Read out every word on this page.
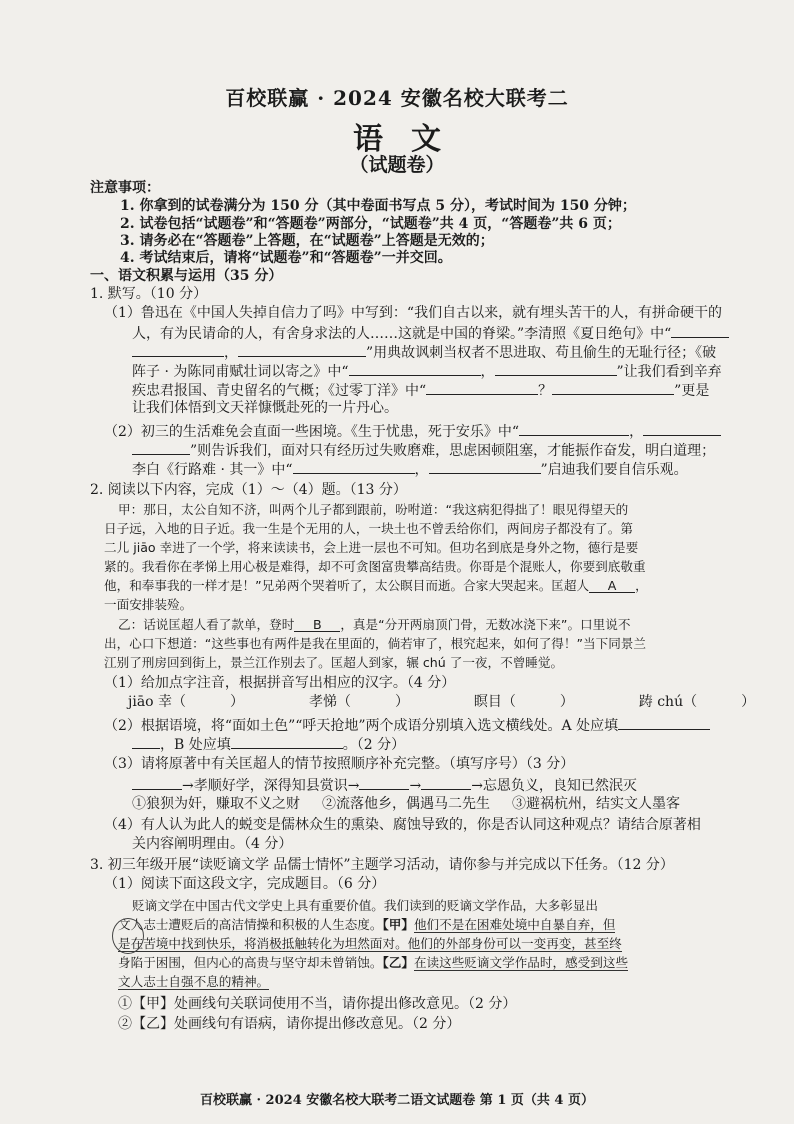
百校联赢 · 2024 安徽名校大联考二
语文
（试题卷）
注意事项：
1. 你拿到的试卷满分为 150 分（其中卷面书写点 5 分），考试时间为 150 分钟；
2. 试卷包括“试题卷”和“答题卷”两部分，“试题卷”共 4 页，“答题卷”共 6 页；
3. 请务必在“答题卷”上答题，在“试题卷”上答题是无效的；
4. 考试结束后，请将“试题卷”和“答题卷”一并交回。
一、语文积累与运用（35 分）
1. 默写。（10 分）
（1）鲁迅在《中国人失掉自信力了吗》中写到：“我们自古以来，就有埋头苦干的人，有拼命硬干的
人，有为民请命的人，有舍身求法的人……这就是中国的脊梁。”李清照《夏日绝句》中“
，	”用典故讽刺当权者不思进取、苟且偷生的无耻行径；《破
阵子 · 为陈同甫赋壮词以寄之》中“	，	”让我们看到辛弃
疾忠君报国、青史留名的气概；《过零丁洋》中“	？	”更是
让我们体悟到文天祥慷慨赴死的一片丹心。
（2）初三的生活难免会直面一些困境。《生于忧患，死于安乐》中“	，
”则告诉我们，面对只有经历过失败磨难，思虑困顿阻塞，才能振作奋发，明白道理；
李白《行路难 · 其一》中“	，	”启迪我们要自信乐观。
2. 阅读以下内容，完成（1）～（4）题。（13 分）
甲：那日，太公自知不济，叫两个儿子都到跟前，吩咐道：“我这病犯得拙了！眼见得望天的
日子远，入地的日子近。我一生是个无用的人，一块土也不曾丢给你们，两间房子都没有了。第
二儿 jiāo 幸进了一个学，将来读读书，会上进一层也不可知。但功名到底是身外之物，德行是要
紧的。我看你在孝悌上用心极是难得，却不可贪图富贵攀高结贵。你哥是个混账人，你要到底敬重
他，和奉事我的一样才是！”兄弟两个哭着听了，太公瞑目而逝。合家大哭起来。匡超人 A ，
一面安排装殓。
乙：话说匡超人看了款单，登时 B ，真是“分开两扇顶门骨，无数冰浇下来”。口里说不
出，心口下想道：“这些事也有两件是我在里面的，倘若审了，根究起来，如何了得！”当下同景兰
江别了刑房回到街上，景兰江作别去了。匡超人到家，辗 chú 了一夜，不曾睡觉。
（1）给加点字注音，根据拼音写出相应的汉字。（4 分）
jiāo 幸（	）	孝悌（	）	瞑目（	）	踌 chú（	）
（2）根据语境，将“面如土色”“呼天抢地”两个成语分别填入选文横线处。A 处应填
，B 处应填	。（2 分）
（3）请将原著中有关匡超人的情节按照顺序补充完整。（填写序号）（3 分）
→孝顺好学，深得知县赏识→	→	→忘恩负义，良知已然泯灭
①狼狈为奸，赚取不义之财 ②流落他乡，偶遇马二先生 ③避祸杭州，结实文人墨客
（4）有人认为此人的蜕变是儒林众生的熏染、腐蚀导致的，你是否认同这种观点？请结合原著相
关内容阐明理由。（4 分）
3. 初三年级开展“读贬谪文学 品儒士情怀”主题学习活动，请你参与并完成以下任务。（12 分）
（1）阅读下面这段文字，完成题目。（6 分）
贬谪文学在中国古代文学史上具有重要价值。我们读到的贬谪文学作品，大多彰显出
文人志士遭贬后的高洁情操和积极的人生态度。【甲】他们不是在困难处境中自暴自弃，但
是在苦境中找到快乐，将消极抵触转化为坦然面对。他们的外部身份可以一变再变，甚至终
身陷于困围，但内心的高贵与坚守却未曾销蚀。【乙】在读这些贬谪文学作品时，感受到这些
文人志士自强不息的精神。
①【甲】处画线句关联词使用不当，请你提出修改意见。（2 分）
②【乙】处画线句有语病，请你提出修改意见。（2 分）
百校联赢 · 2024 安徽名校大联考二语文试题卷 第 1 页（共 4 页）
